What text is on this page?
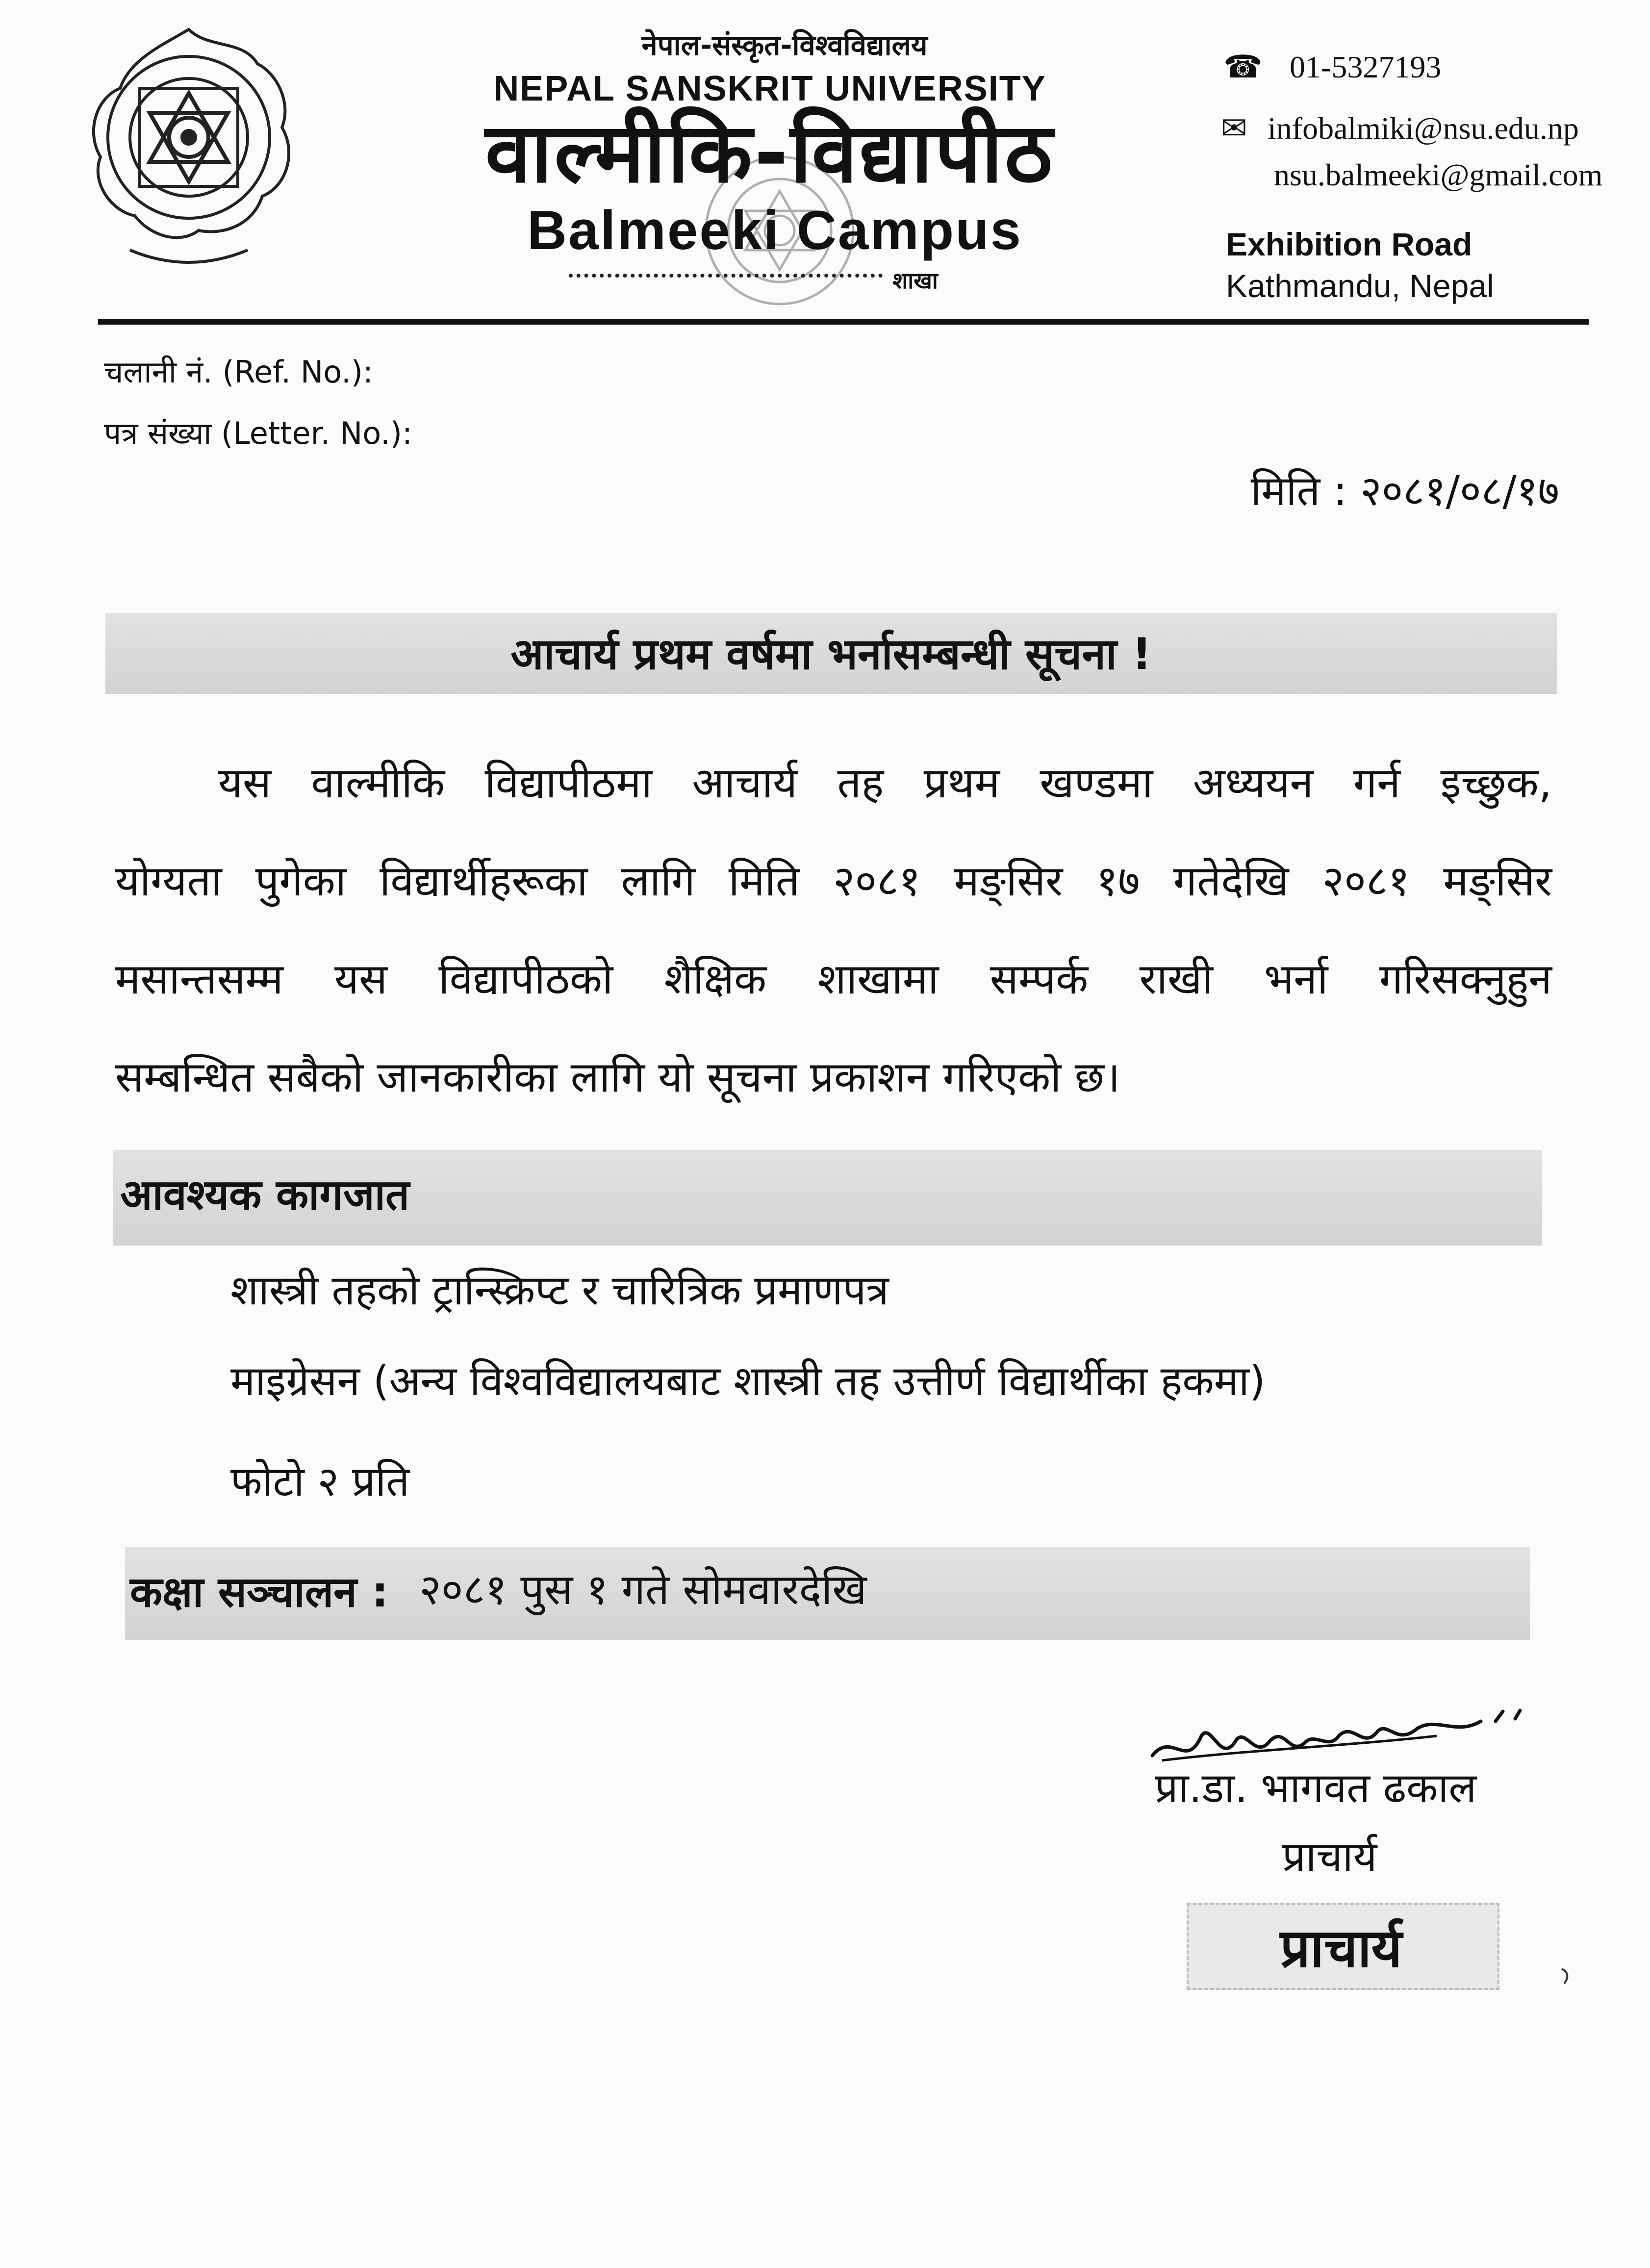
नेपाल-संस्कृत-विश्वविद्यालय
NEPAL SANSKRIT UNIVERSITY
वाल्मीकि-विद्यापीठ
Balmeeki Campus
शाखा
☎ 01-5327193
✉ infobalmiki@nsu.edu.np
nsu.balmeeki@gmail.com
Exhibition Road
Kathmandu, Nepal
चलानी नं. (Ref. No.):
पत्र संख्या (Letter. No.):
मिति : २०८१/०८/१७
आचार्य प्रथम वर्षमा भर्नासम्बन्धी सूचना !
यस वाल्मीकि विद्यापीठमा आचार्य तह प्रथम खण्डमा अध्ययन गर्न इच्छुक,
योग्यता पुगेका विद्यार्थीहरूका लागि मिति २०८१ मङ्सिर १७ गतेदेखि २०८१ मङ्सिर
मसान्तसम्म यस विद्यापीठको शैक्षिक शाखामा सम्पर्क राखी भर्ना गरिसक्नुहुन
सम्बन्धित सबैको जानकारीका लागि यो सूचना प्रकाशन गरिएको छ।
आवश्यक कागजात
शास्त्री तहको ट्रान्स्क्रिप्ट र चारित्रिक प्रमाणपत्र
माइग्रेसन (अन्य विश्वविद्यालयबाट शास्त्री तह उत्तीर्ण विद्यार्थीका हकमा)
फोटो २ प्रति
कक्षा सञ्चालन : २०८१ पुस १ गते सोमवारदेखि
प्रा.डा. भागवत ढकाल
प्राचार्य
प्राचार्य
